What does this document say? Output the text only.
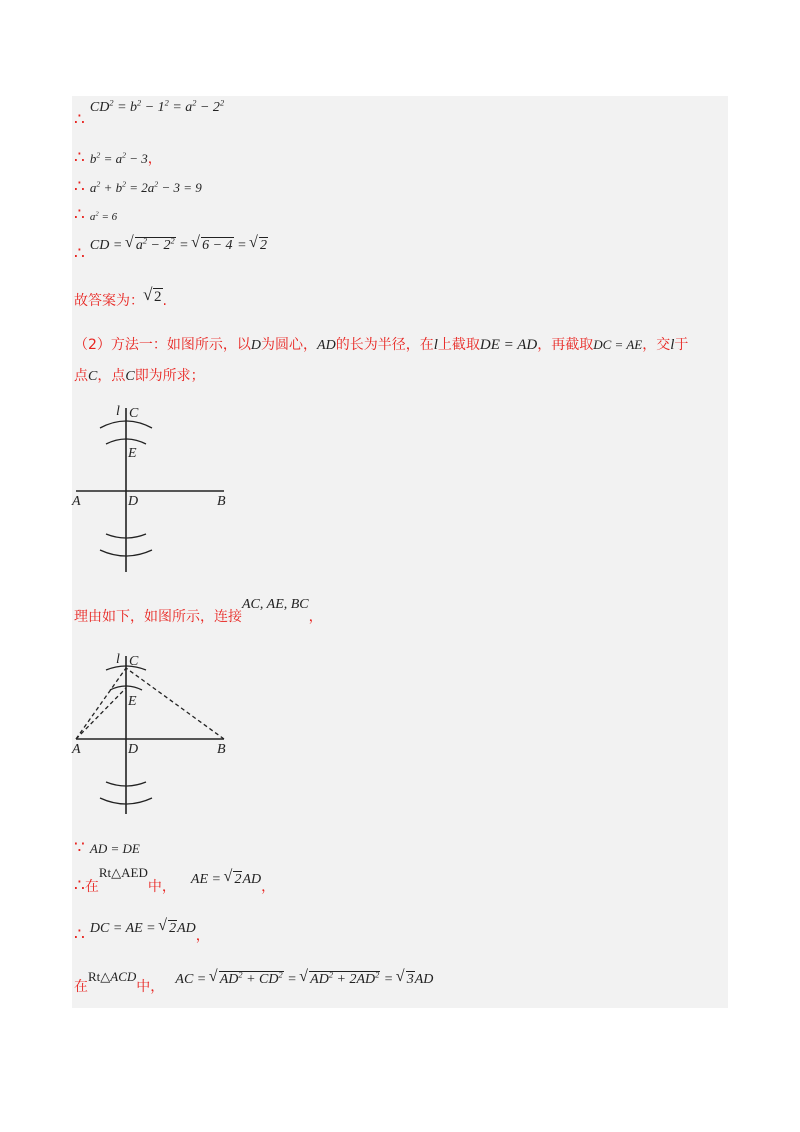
∴ $CD^2 = b^2 - 1^2 = a^2 - 2^2$
∴ $b^2 = a^2 - 3$，
∴ $a^2 + b^2 = 2a^2 - 3 = 9$
∴ $a^2 = 6$
∴ CD = √ $a^2 - 2^2$ = √ 6 − 4 = √ 2
故答案为：√ 2.
（2）方法一：如图所示，以D为圆心，AD的长为半径，在l上截取DE = AD，再截取DC = AE，交l于
点C，点C即为所求；
l C
E
A	D	B
理由如下，如图所示，连接AC, AE, BC，
l C
E
A	D	B
∵ AD = DE
∴在$^{Rt\triangle AED}$中， AE = √ 2AD，
∴ DC = AE = √ 2AD，
在Rt△ACD中， AC = √ $AD^2 + CD^2$ = √ $AD^2 + 2AD^2$ = √ 3AD
